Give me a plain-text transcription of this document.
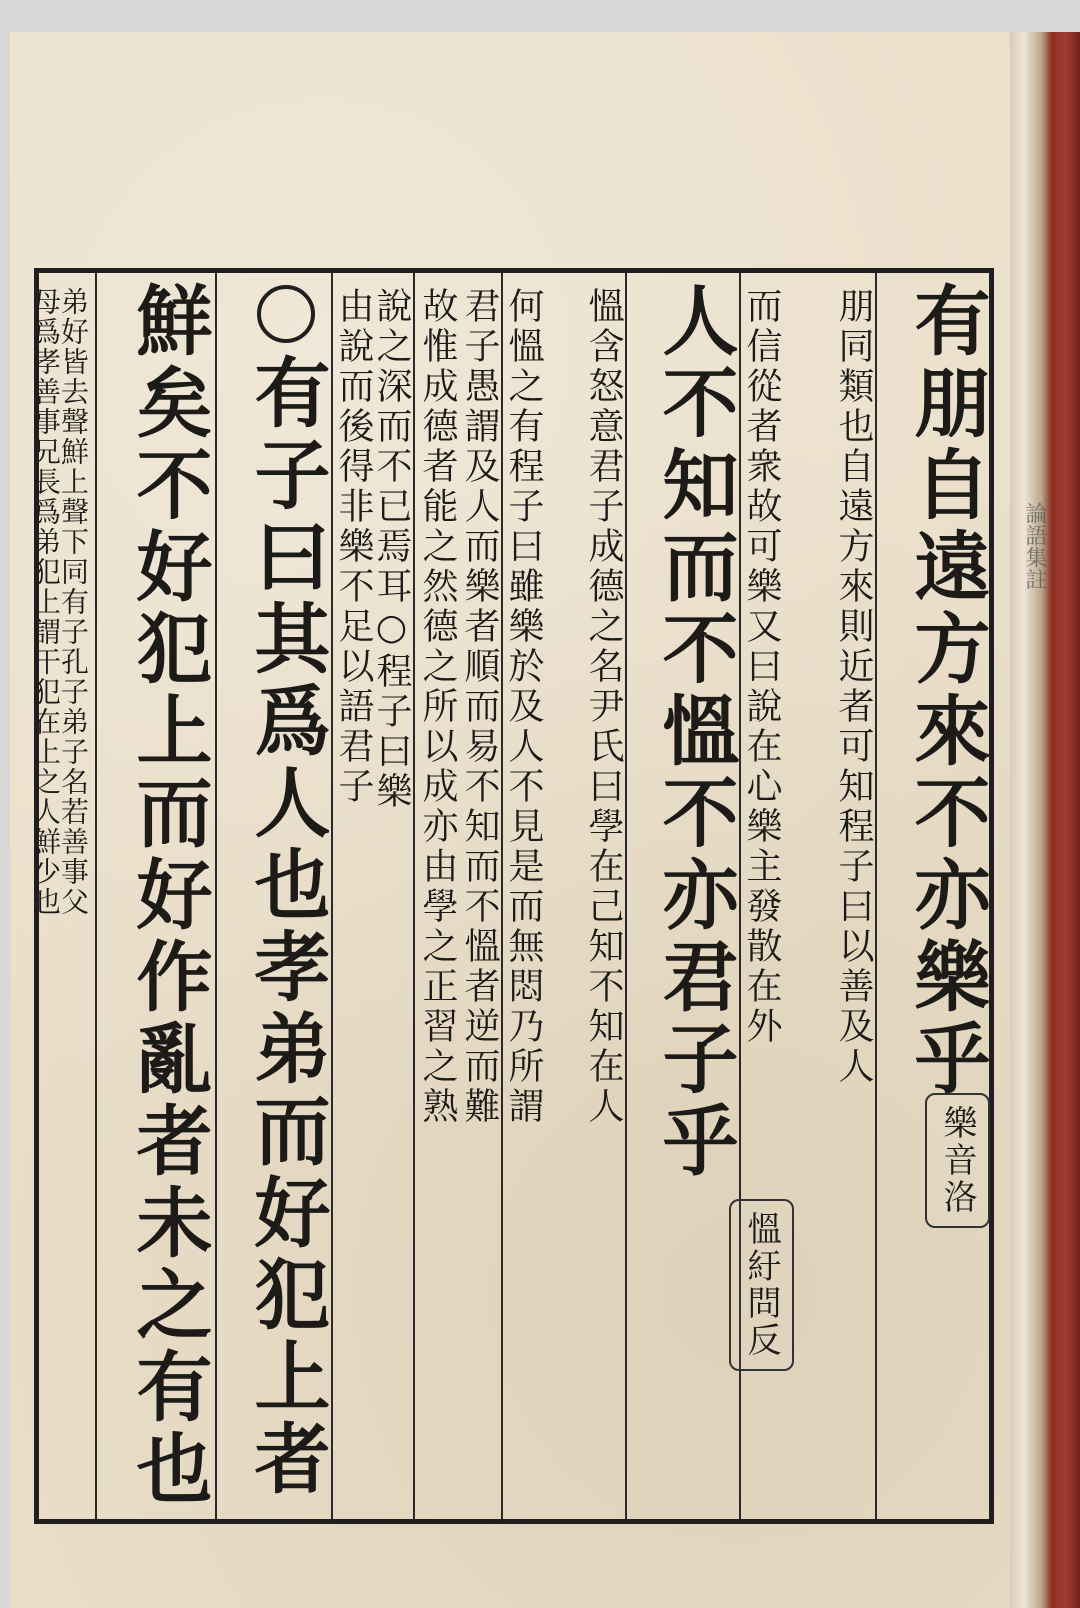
論語集註
有朋自遠方來不亦樂乎
朋同類也自遠方來則近者可知程子曰以善及人
而信從者衆故可樂又曰說在心樂主發散在外
人不知而不慍不亦君子乎
慍含怒意君子成德之名尹氏曰學在己知不知在人
何慍之有程子曰雖樂於及人不見是而無悶乃所謂
君子愚謂及人而樂者順而易不知而不慍者逆而難
故惟成德者能之然德之所以成亦由學之正習之熟
說之深而不已焉耳○程子曰樂
由說而後得非樂不足以語君子
有子曰其爲人也孝弟而好犯上者
鮮矣不好犯上而好作亂者未之有也
弟好皆去聲鮮上聲下同有子孔子弟子名若善事父
母爲孝善事兄長爲弟犯上謂干犯在上之人鮮少也
樂音洛
慍紆問反
